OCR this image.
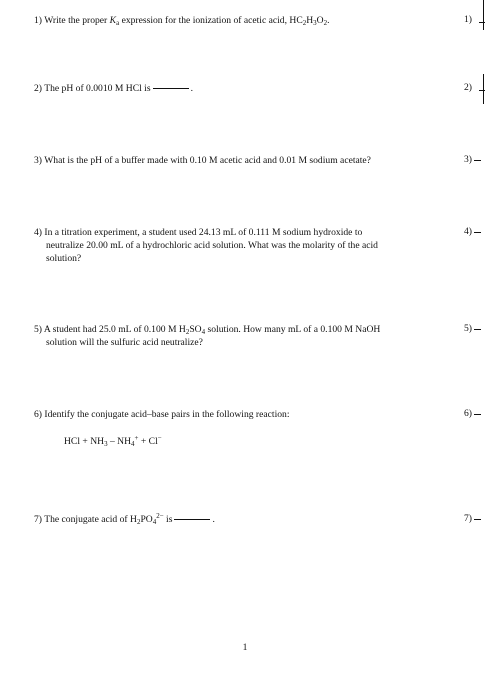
1) Write the proper $K_a$ expression for the ionization of acetic acid, $HC_2H_3O_2$.	1)
2) The pH of 0.0010 M HCl is	.	2)
3) What is the pH of a buffer made with 0.10 M acetic acid and 0.01 M sodium acetate?	3)
4) In a titration experiment, a student used 24.13 mL of 0.111 M sodium hydroxide to
neutralize 20.00 mL of a hydrochloric acid solution. What was the molarity of the acid
solution?
4)
5) A student had 25.0 mL of 0.100 M $H_2SO_4$ solution. How many mL of a 0.100 M NaOH
solution will the sulfuric acid neutralize?
5)
6) Identify the conjugate acid–base pairs in the following reaction:
HCl + $NH_3$ ‒ $NH_4^+ + Cl^-$
6)
7) The conjugate acid of $H_2PO_4^{2-}$ is	.	7)
1
